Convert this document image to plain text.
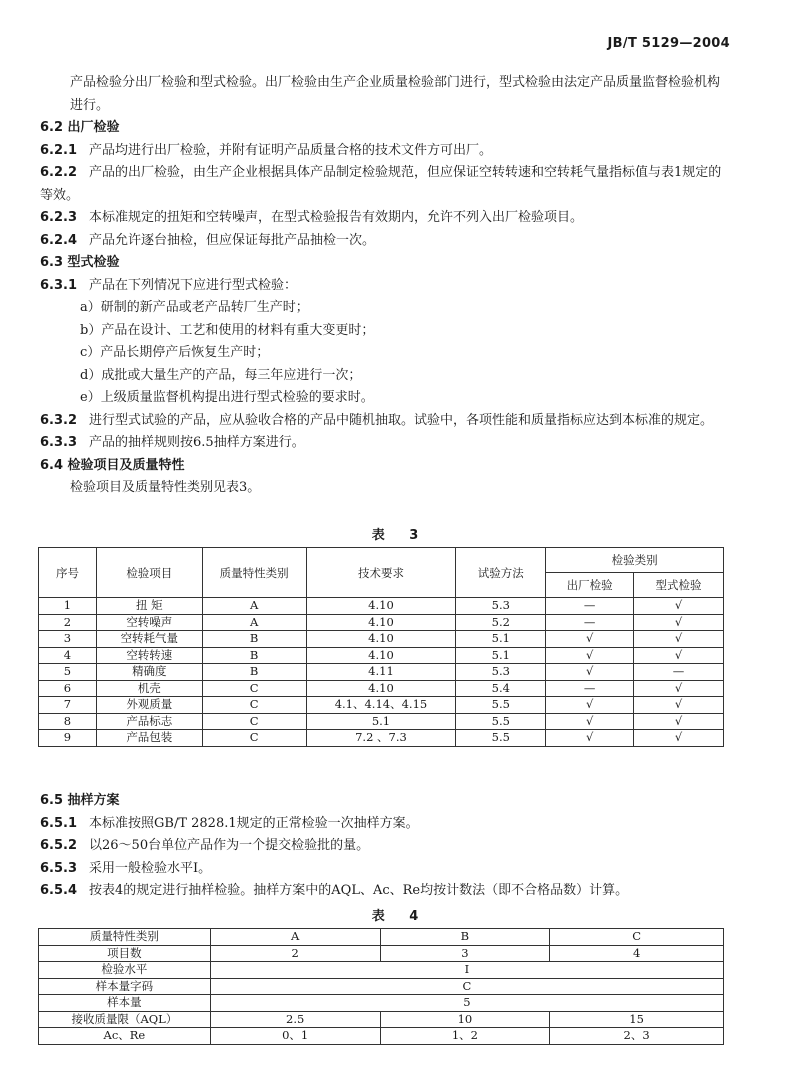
JB/T 5129—2004
产品检验分出厂检验和型式检验。出厂检验由生产企业质量检验部门进行，型式检验由法定产品质量监督检验机构进行。
6.2 出厂检验
6.2.1 产品均进行出厂检验，并附有证明产品质量合格的技术文件方可出厂。
6.2.2 产品的出厂检验，由生产企业根据具体产品制定检验规范，但应保证空转转速和空转耗气量指标值与表1规定的等效。
6.2.3 本标准规定的扭矩和空转噪声，在型式检验报告有效期内，允许不列入出厂检验项目。
6.2.4 产品允许逐台抽检，但应保证每批产品抽检一次。
6.3 型式检验
6.3.1 产品在下列情况下应进行型式检验：
a）研制的新产品或老产品转厂生产时；
b）产品在设计、工艺和使用的材料有重大变更时；
c）产品长期停产后恢复生产时；
d）成批或大量生产的产品，每三年应进行一次；
e）上级质量监督机构提出进行型式检验的要求时。
6.3.2 进行型式试验的产品，应从验收合格的产品中随机抽取。试验中，各项性能和质量指标应达到本标准的规定。
6.3.3 产品的抽样规则按6.5抽样方案进行。
6.4 检验项目及质量特性
检验项目及质量特性类别见表3。
表 3
序号	检验项目	质量特性类别	技术要求	试验方法	检验类别	
					出厂检验	型式检验
1	扭 矩	A	4.10	5.3	—	√
2	空转噪声	A	4.10	5.2	—	√
3	空转耗气量	B	4.10	5.1	√	√
4	空转转速	B	4.10	5.1	√	√
5	精确度	B	4.11	5.3	√	—
6	机壳	C	4.10	5.4	—	√
7	外观质量	C	4.1、4.14、4.15	5.5	√	√
8	产品标志	C	5.1	5.5	√	√
9	产品包装	C	7.2 、7.3	5.5	√	√
6.5 抽样方案
6.5.1 本标准按照GB/T 2828.1规定的正常检验一次抽样方案。
6.5.2 以26～50台单位产品作为一个提交检验批的量。
6.5.3 采用一般检验水平Ⅰ。
6.5.4 按表4的规定进行抽样检验。抽样方案中的AQL、Ac、Re均按计数法（即不合格品数）计算。
表 4
质量特性类别	A	B	C
项目数	2	3	4
检验水平	Ⅰ		
样本量字码	C		
样本量	5		
接收质量限（AQL）	2.5	10	15
Ac、Re	0、1	1、2	2、3
